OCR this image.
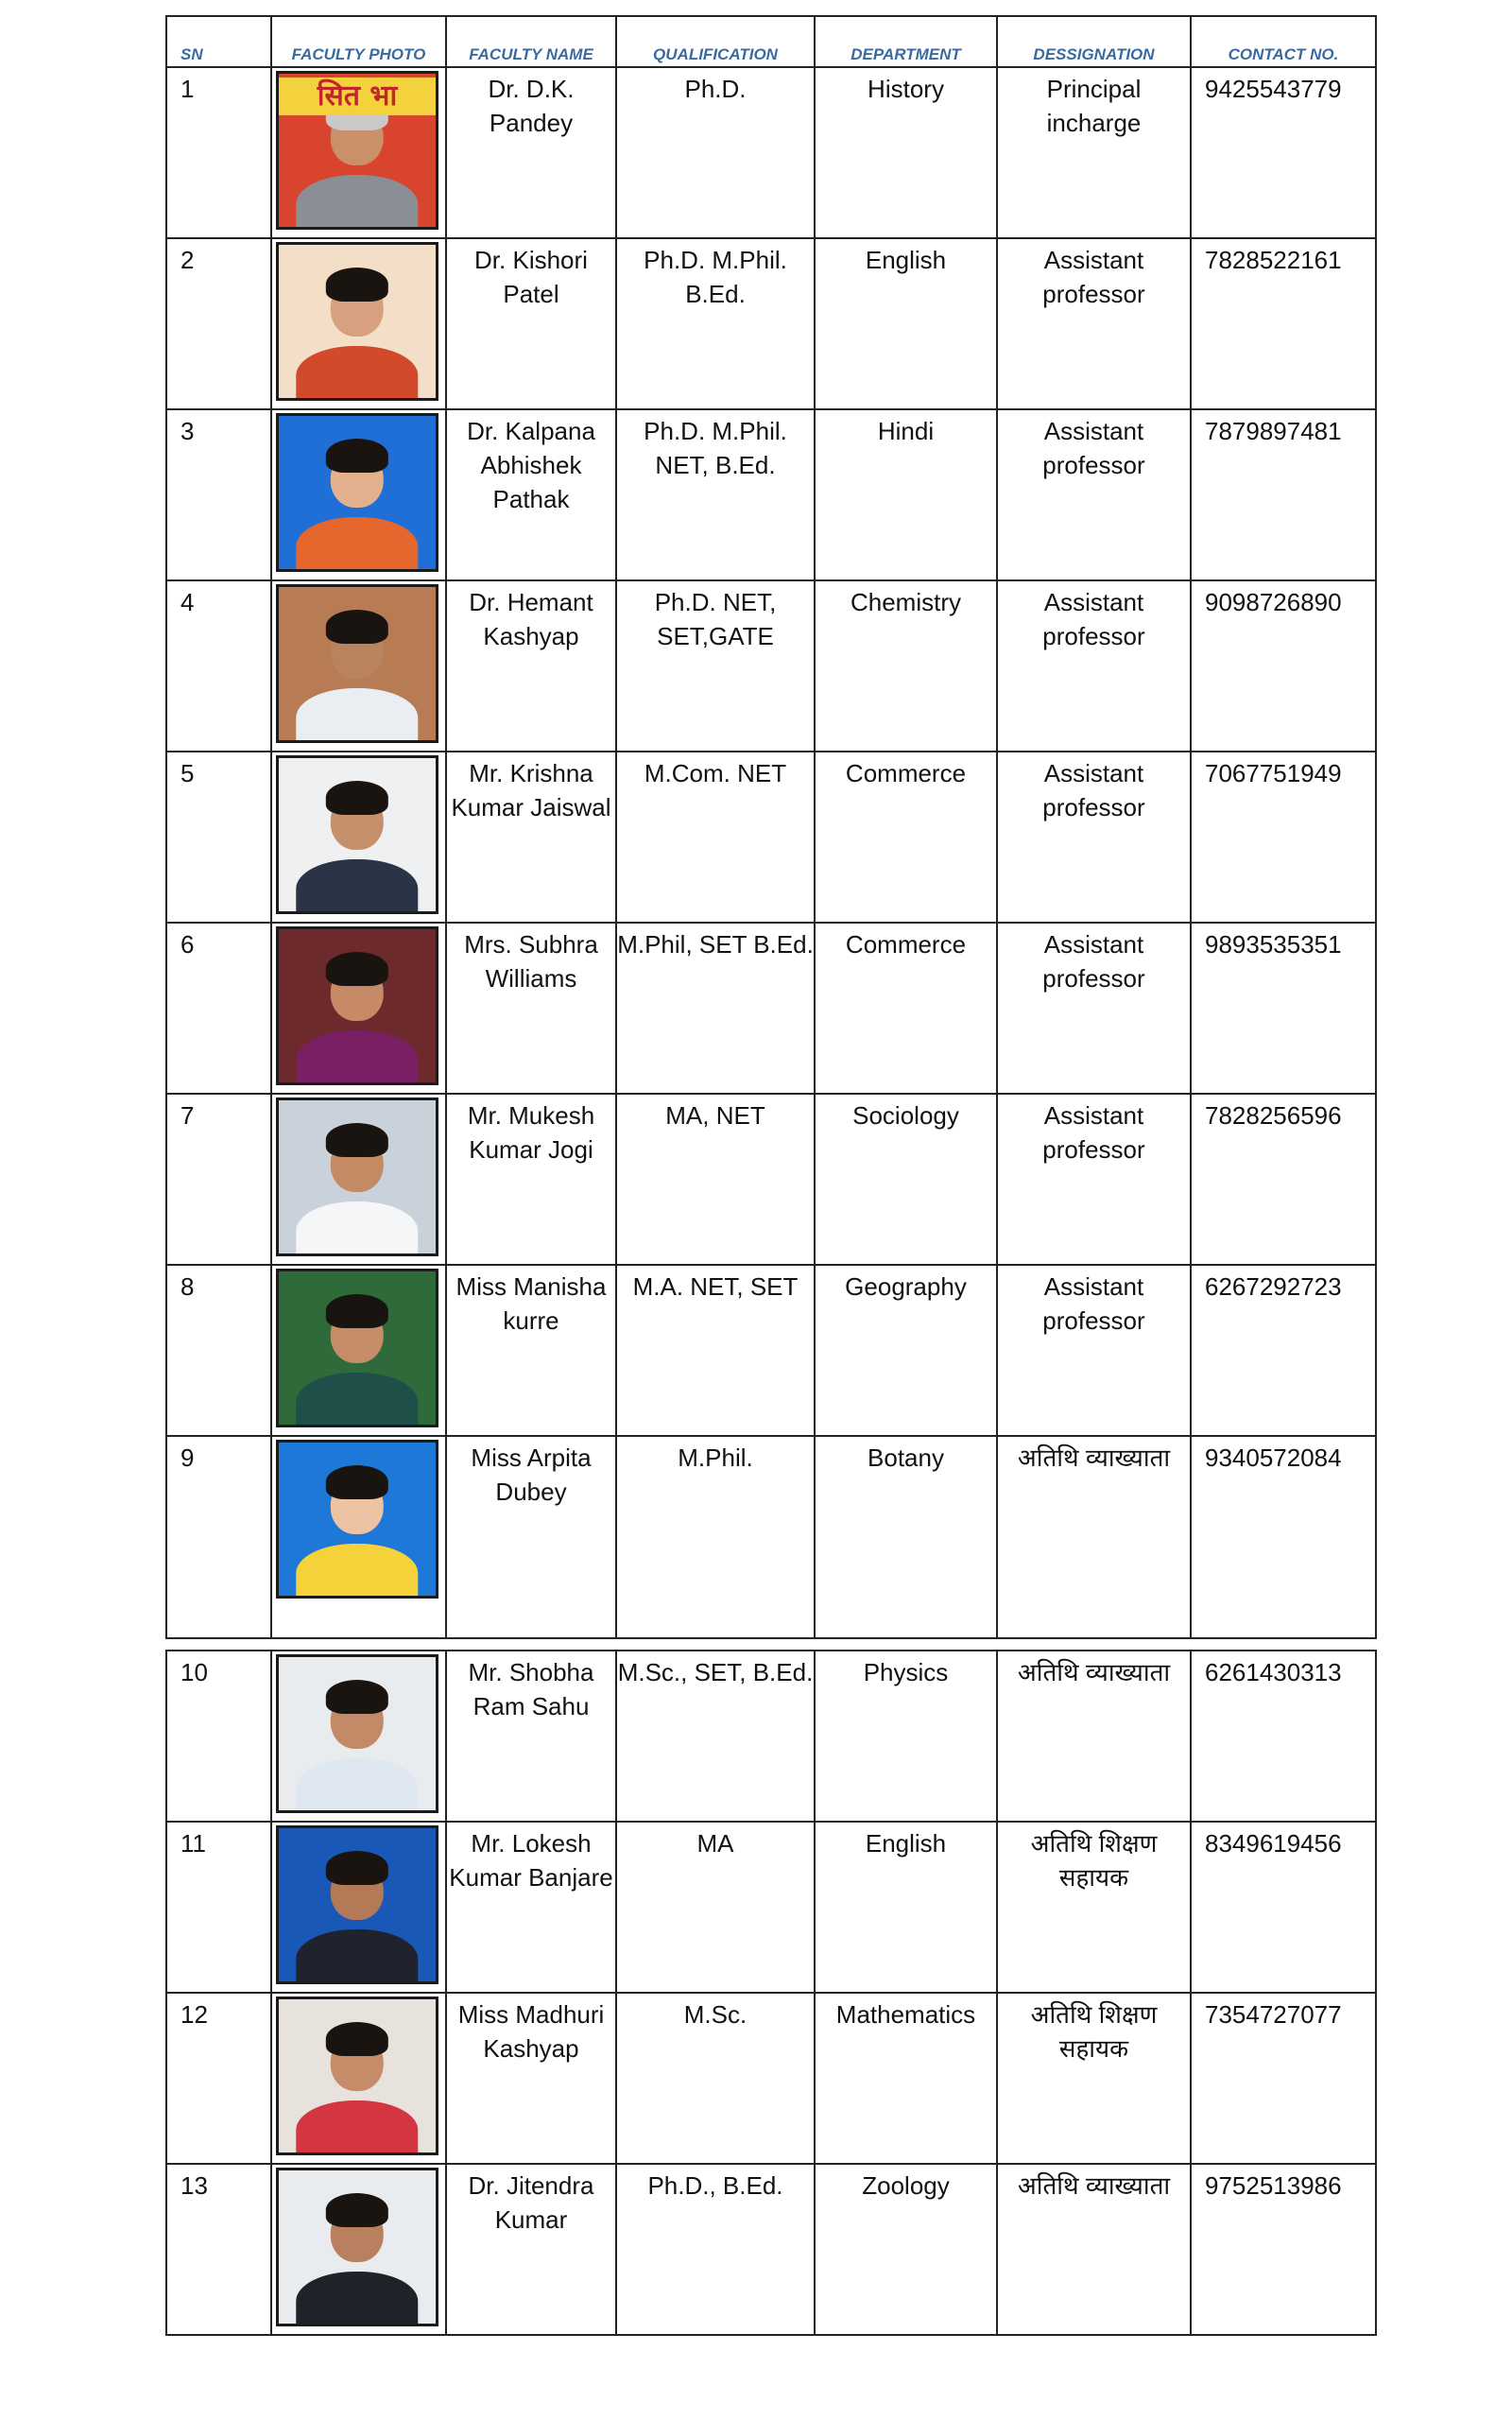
SN	FACULTY PHOTO	FACULTY NAME	QUALIFICATION	DEPARTMENT	DESSIGNATION	CONTACT NO.
1	सित भा	Dr. D.K. Pandey	Ph.D.	History	Principal incharge	9425543779
2		Dr. Kishori Patel	Ph.D. M.Phil. B.Ed.	English	Assistant professor	7828522161
3		Dr. Kalpana Abhishek Pathak	Ph.D. M.Phil. NET, B.Ed.	Hindi	Assistant professor	7879897481
4		Dr. Hemant Kashyap	Ph.D. NET, SET,GATE	Chemistry	Assistant professor	9098726890
5		Mr. Krishna Kumar Jaiswal	M.Com. NET	Commerce	Assistant professor	7067751949
6		Mrs. Subhra Williams	M.Phil, SET B.Ed.	Commerce	Assistant professor	9893535351
7		Mr. Mukesh Kumar Jogi	MA, NET	Sociology	Assistant professor	7828256596
8		Miss Manisha kurre	M.A. NET, SET	Geography	Assistant professor	6267292723
9		Miss Arpita Dubey	M.Phil.	Botany	अतिथि व्याख्याता	9340572084
10		Mr. Shobha Ram Sahu	M.Sc., SET, B.Ed.	Physics	अतिथि व्याख्याता	6261430313
11		Mr. Lokesh Kumar Banjare	MA	English	अतिथि शिक्षण सहायक	8349619456
12		Miss Madhuri Kashyap	M.Sc.	Mathematics	अतिथि शिक्षण सहायक	7354727077
13		Dr. Jitendra Kumar	Ph.D., B.Ed.	Zoology	अतिथि व्याख्याता	9752513986
